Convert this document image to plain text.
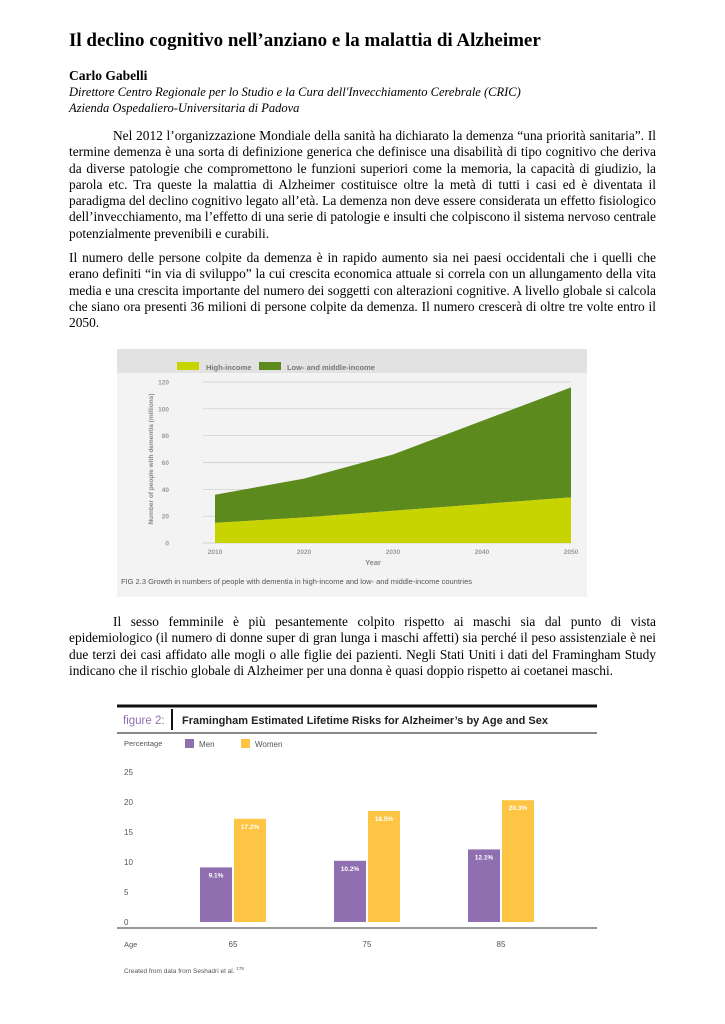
Il declino cognitivo nell’anziano e la malattia di Alzheimer
Carlo Gabelli
Direttore Centro Regionale per lo Studio e la Cura dell'Invecchiamento Cerebrale (CRIC)
Azienda Ospedaliero-Universitaria di Padova

Nel 2012 l’organizzazione Mondiale della sanità ha dichiarato la demenza “una priorità sanitaria”. Il termine demenza è una sorta di definizione generica che definisce una disabilità di tipo cognitivo che deriva da diverse patologie che compromettono le funzioni superiori come la memoria, la capacità di giudizio, la parola etc. Tra queste la malattia di Alzheimer costituisce oltre la metà di tutti i casi ed è diventata il paradigma del declino cognitivo legato all’età. La demenza non deve essere considerata un effetto fisiologico dell’invecchiamento, ma l’effetto di una serie di patologie e insulti che colpiscono il sistema nervoso centrale potenzialmente prevenibili e curabili.

Il numero delle persone colpite da demenza è in rapido aumento sia nei paesi occidentali che i quelli che erano definiti “in via di sviluppo” la cui crescita economica attuale si correla con un allungamento della vita media e una crescita importante del numero dei soggetti con alterazioni cognitive. A livello globale si calcola che siano ora presenti 36 milioni di persone colpite da demenza. Il numero crescerà di oltre tre volte entro il 2050.

High-income	Low- and middle-income
0
20
40
60
80
100
120
2010	2020	2030	2040	2050
Number of people with dementia (millions)
Year
FIG 2.3 Growth in numbers of people with dementia in high-income and low- and middle-income countries

Il sesso femminile è più pesantemente colpito rispetto ai maschi sia dal punto di vista epidemiologico (il numero di donne super di gran lunga i maschi affetti) sia perché il peso assistenziale è nei due terzi dei casi affidato alle mogli o alle figlie dei pazienti. Negli Stati Uniti i dati del Framingham Study indicano che il rischio globale di Alzheimer per una donna è quasi doppio rispetto ai coetanei maschi.

figure 2: Framingham Estimated Lifetime Risks for Alzheimer’s by Age and Sex
Percentage	Men	Women
0
5
10
15
20
25
9.1%
17.2%
10.2%
18.5%
12.1%
20.3%
Age	65	75	85
Created from data from Seshadri et al. $^{178}$
